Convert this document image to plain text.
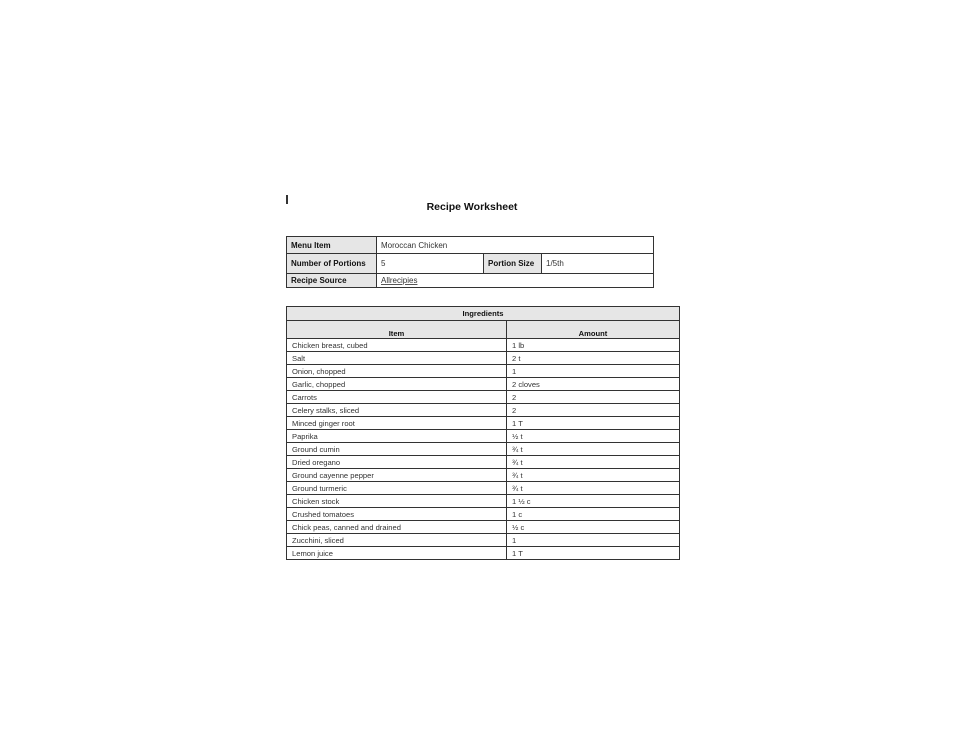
Recipe Worksheet
Menu Item	Moroccan Chicken		
Number of Portions	5	Portion Size	1/5th
Recipe Source	Allrecipies		
Ingredients	
Item	Amount
Chicken breast, cubed	1 lb
Salt	2 t
Onion, chopped	1
Garlic, chopped	2 cloves
Carrots	2
Celery stalks, sliced	2
Minced ginger root	1 T
Paprika	½ t
Ground cumin	¾ t
Dried oregano	¾ t
Ground cayenne pepper	¾ t
Ground turmeric	¾ t
Chicken stock	1 ½ c
Crushed tomatoes	1 c
Chick peas, canned and drained	½ c
Zucchini, sliced	1
Lemon juice	1 T
